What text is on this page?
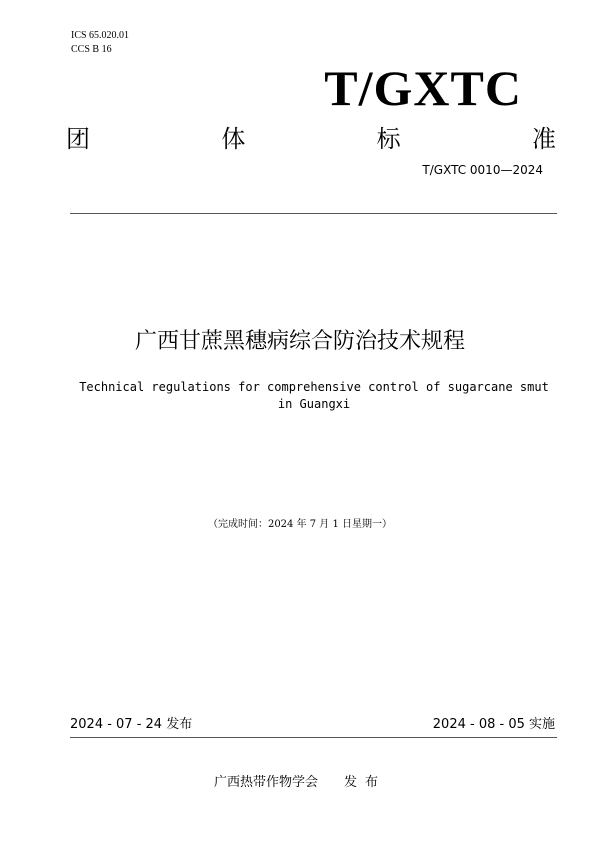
ICS 65.020.01
CCS B 16
T/GXTC
团	体	标	准
T/GXTC 0010—2024
广西甘蔗黑穗病综合防治技术规程
Technical regulations for comprehensive control of sugarcane smut in Guangxi
（完成时间：2024 年 7 月 1 日星期一）
2024 - 07 - 24 发布	2024 - 08 - 05 实施
广西热带作物学会 发布
